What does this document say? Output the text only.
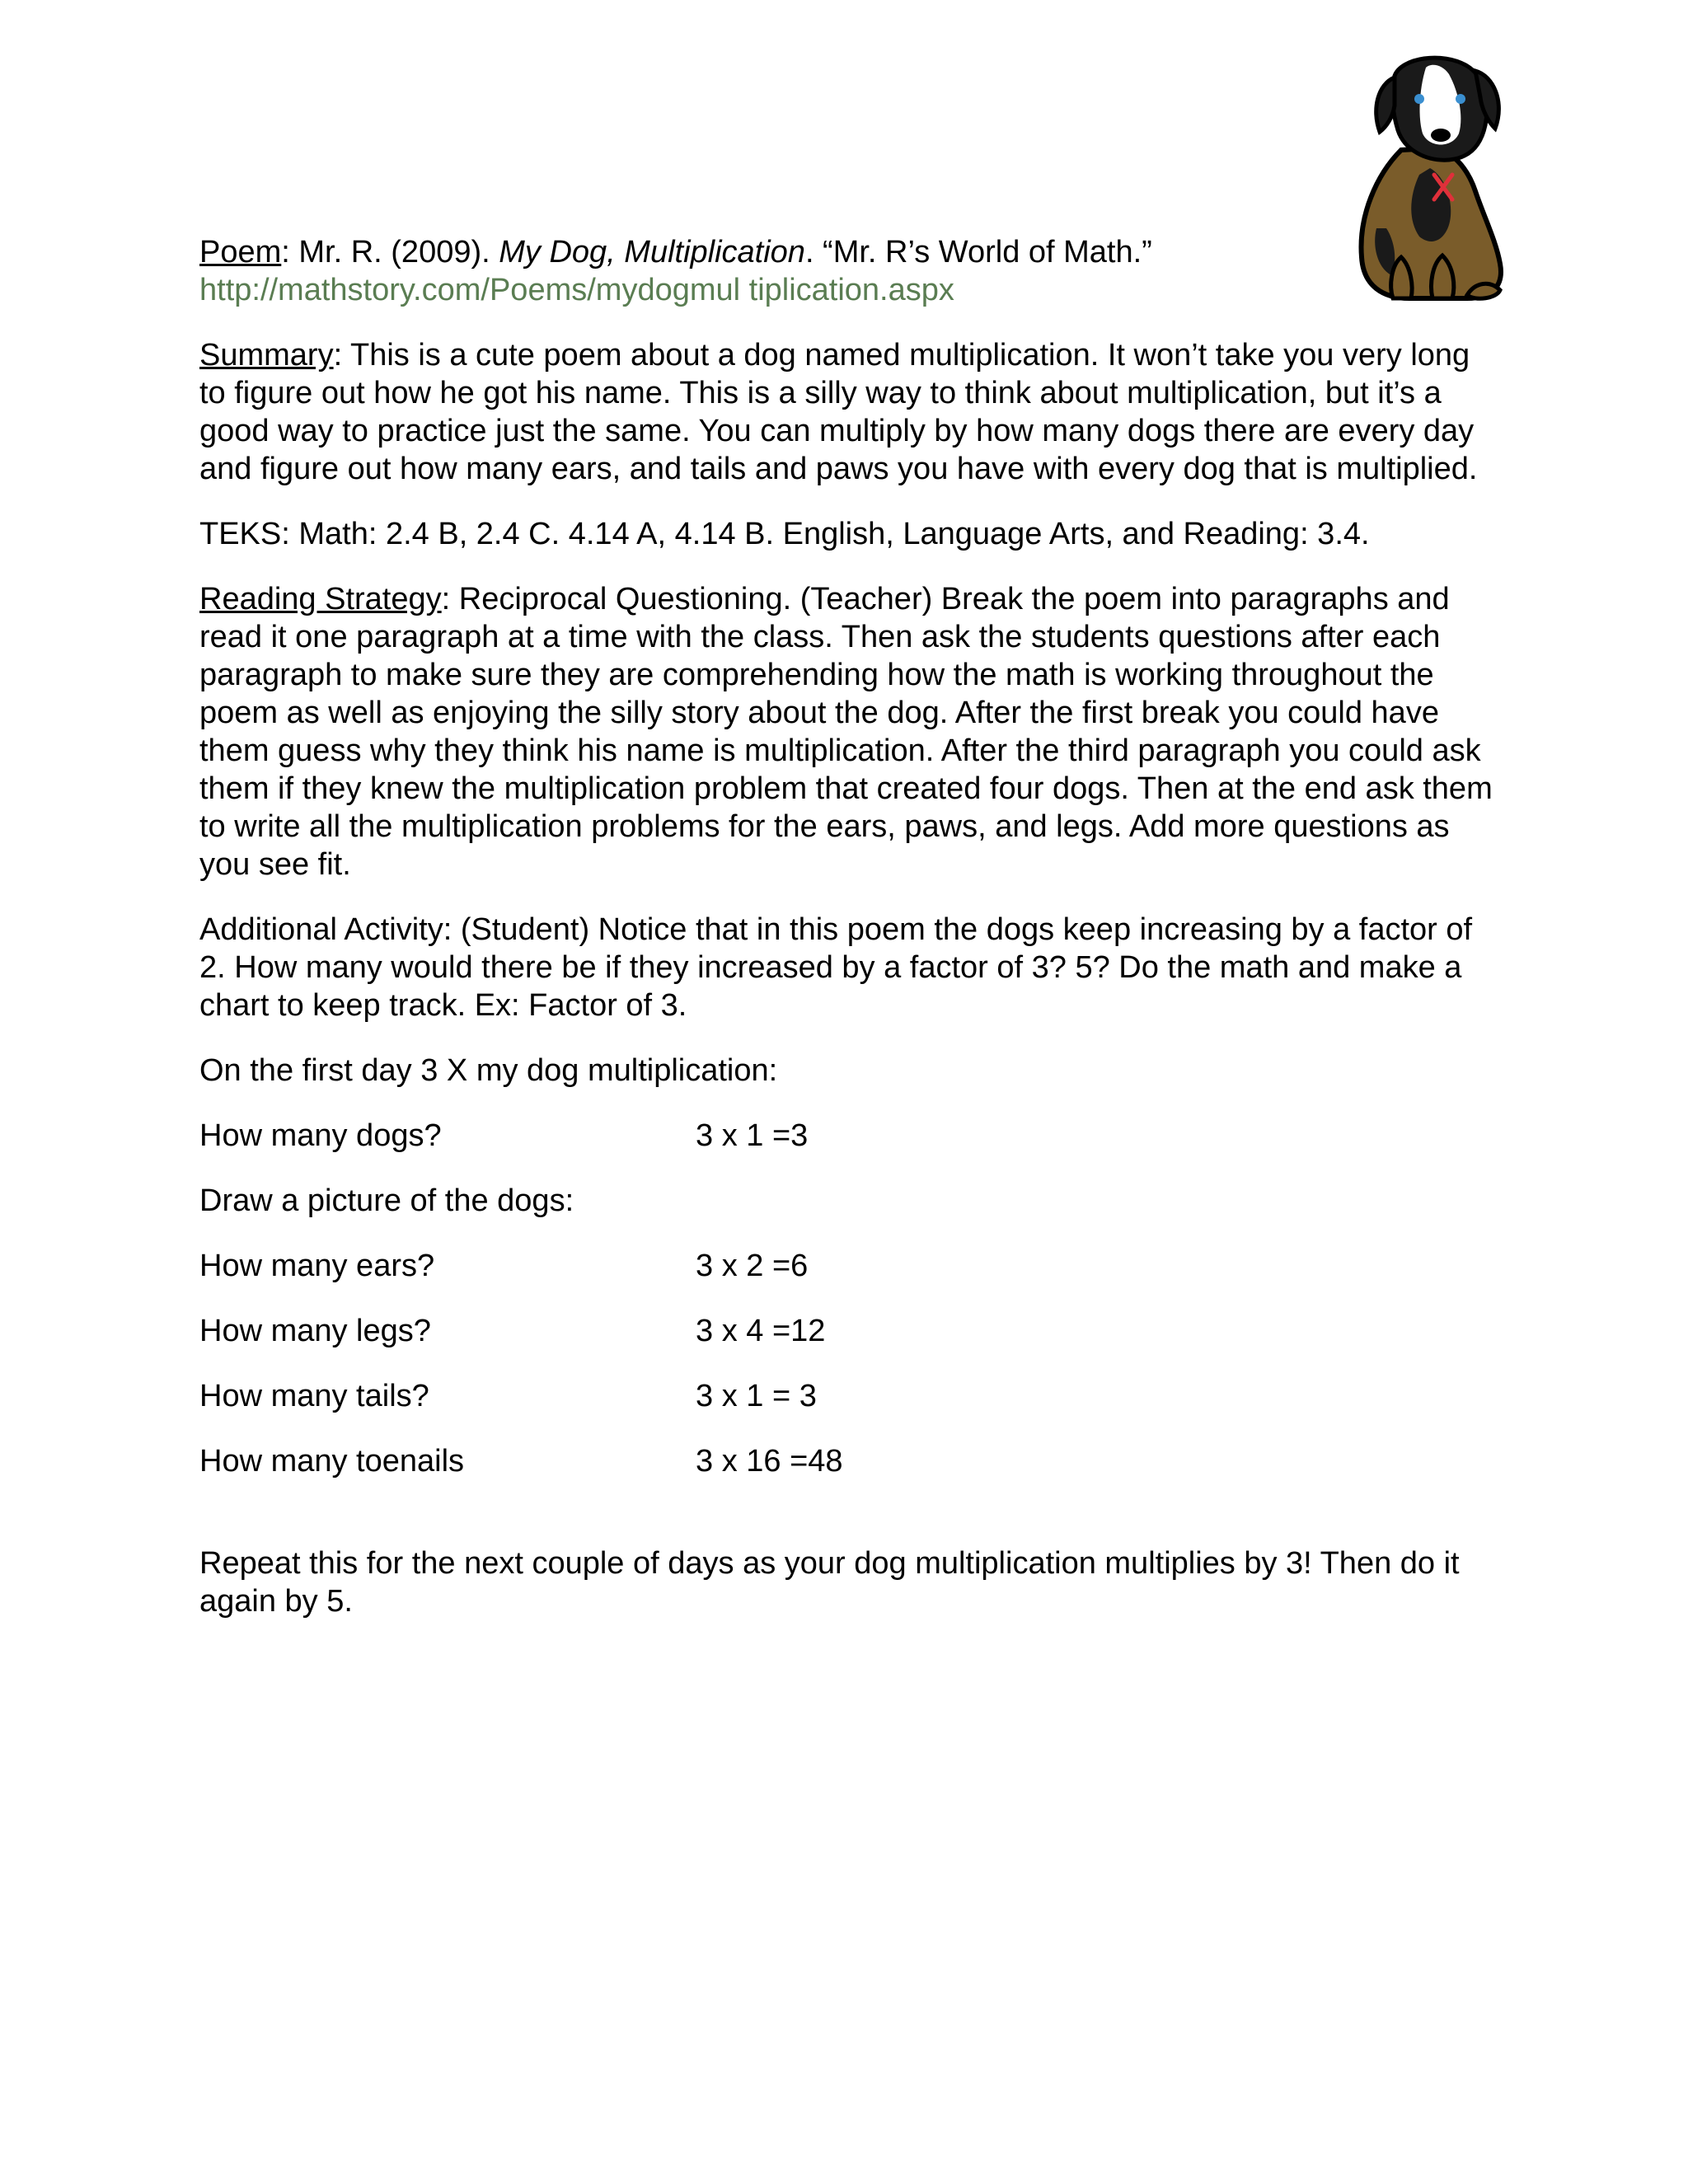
Poem: Mr. R. (2009). My Dog, Multiplication. “Mr. R’s World of Math.”
http://mathstory.com/Poems/mydogmul tiplication.aspx

Summary: This is a cute poem about a dog named multiplication. It won’t take you very long to figure out how he got his name. This is a silly way to think about multiplication, but it’s a good way to practice just the same. You can multiply by how many dogs there are every day and figure out how many ears, and tails and paws you have with every dog that is multiplied.

TEKS: Math: 2.4 B, 2.4 C. 4.14 A, 4.14 B. English, Language Arts, and Reading: 3.4.

Reading Strategy: Reciprocal Questioning. (Teacher) Break the poem into paragraphs and read it one paragraph at a time with the class. Then ask the students questions after each paragraph to make sure they are comprehending how the math is working throughout the poem as well as enjoying the silly story about the dog. After the first break you could have them guess why they think his name is multiplication. After the third paragraph you could ask them if they knew the multiplication problem that created four dogs. Then at the end ask them to write all the multiplication problems for the ears, paws, and legs. Add more questions as you see fit.

Additional Activity: (Student) Notice that in this poem the dogs keep increasing by a factor of 2. How many would there be if they increased by a factor of 3? 5? Do the math and make a chart to keep track. Ex: Factor of 3.

On the first day 3 X my dog multiplication:

How many dogs?	3 x 1 =3

Draw a picture of the dogs:

How many ears?	3 x 2 =6
How many legs?	3 x 4 =12
How many tails?	3 x 1 = 3
How many toenails	3 x 16 =48

Repeat this for the next couple of days as your dog multiplication multiplies by 3! Then do it again by 5.
